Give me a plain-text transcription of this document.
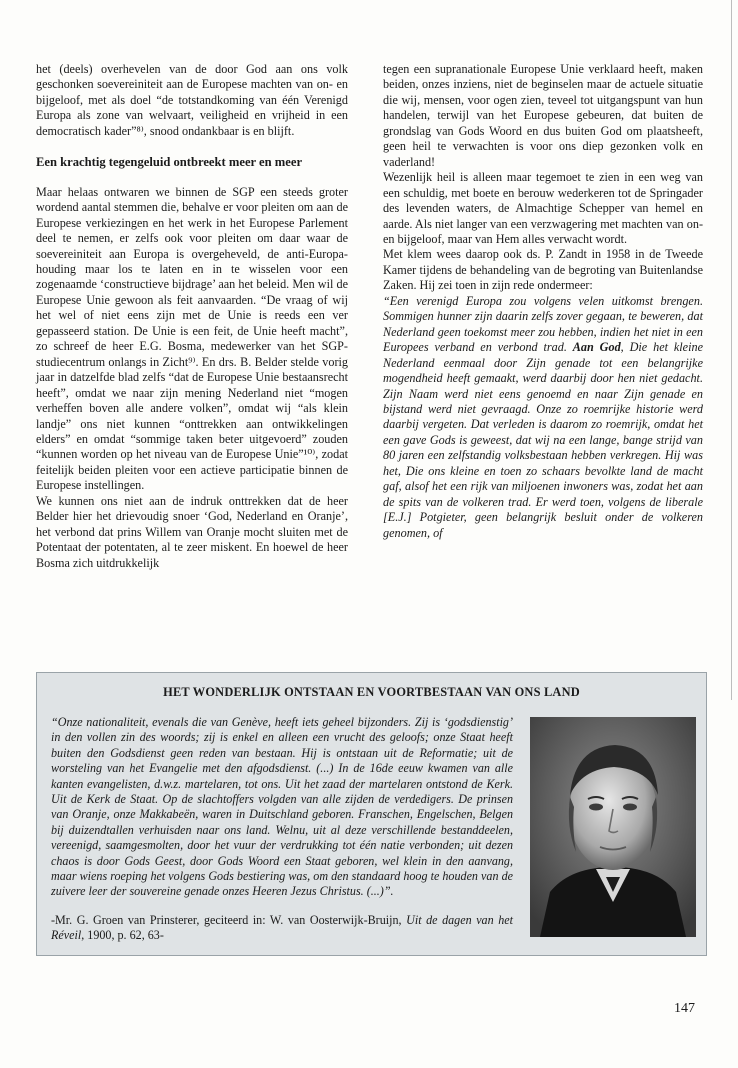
het (deels) overhevelen van de door God aan ons volk geschonken soevereiniteit aan de Europese machten van on- en bijgeloof, met als doel “de totstandkoming van één Verenigd Europa als zone van welvaart, veiligheid en vrijheid in een democratisch kader”⁸⁾, snood ondankbaar is en blijft.

Een krachtig tegengeluid ontbreekt meer en meer

Maar helaas ontwaren we binnen de SGP een steeds groter wordend aantal stemmen die, behalve er voor pleiten om aan de Europese verkiezingen en het werk in het Europese Parlement deel te nemen, er zelfs ook voor pleiten om daar waar de soevereiniteit aan Europa is overgeheveld, de anti-Europa-houding maar los te laten en in te wisselen voor een zogenaamde ‘constructieve bijdrage’ aan het beleid. Men wil de Europese Unie gewoon als feit aanvaarden. “De vraag of wij het wel of niet eens zijn met de Unie is reeds een ver gepasseerd station. De Unie is een feit, de Unie heeft macht”, zo schreef de heer E.G. Bosma, medewerker van het SGP-studiecentrum onlangs in Zicht⁹⁾. En drs. B. Belder stelde vorig jaar in datzelfde blad zelfs “dat de Europese Unie bestaansrecht heeft”, omdat we naar zijn mening Nederland niet “mogen verheffen boven alle andere volken”, omdat wij “als klein landje” ons niet kunnen “onttrekken aan ontwikkelingen elders” en omdat “sommige taken beter uitgevoerd” zouden “kunnen worden op het niveau van de Europese Unie”¹⁰⁾, zodat feitelijk beiden pleiten voor een actieve participatie binnen de Europese instellingen.

We kunnen ons niet aan de indruk onttrekken dat de heer Belder hier het drievoudig snoer ‘God, Nederland en Oranje’, het verbond dat prins Willem van Oranje mocht sluiten met de Potentaat der potentaten, al te zeer miskent. En hoewel de heer Bosma zich uitdrukkelijk

tegen een supranationale Europese Unie verklaard heeft, maken beiden, onzes inziens, niet de beginselen maar de actuele situatie die wij, mensen, voor ogen zien, teveel tot uitgangspunt van hun handelen, terwijl van het Europese gebeuren, dat buiten de grondslag van Gods Woord en dus buiten God om plaatsheeft, geen heil te verwachten is voor ons diep gezonken volk en vaderland!

Wezenlijk heil is alleen maar tegemoet te zien in een weg van een schuldig, met boete en berouw wederkeren tot de Springader des levenden waters, de Almachtige Schepper van hemel en aarde. Als niet langer van een verzwagering met machten van on- en bijgeloof, maar van Hem alles verwacht wordt.

Met klem wees daarop ook ds. P. Zandt in 1958 in de Tweede Kamer tijdens de behandeling van de begroting van Buitenlandse Zaken. Hij zei toen in zijn rede ondermeer:

“Een verenigd Europa zou volgens velen uitkomst brengen. Sommigen hunner zijn daarin zelfs zover gegaan, te beweren, dat Nederland geen toekomst meer zou hebben, indien het niet in een Europees verband en verbond trad. Aan God, Die het kleine Nederland eenmaal door Zijn genade tot een belangrijke mogendheid heeft gemaakt, werd daarbij door hen niet gedacht. Zijn Naam werd niet eens genoemd en naar Zijn genade en bijstand werd niet gevraagd. Onze zo roemrijke historie werd daarbij vergeten. Dat verleden is daarom zo roemrijk, omdat het een gave Gods is geweest, dat wij na een lange, bange strijd van 80 jaren een zelfstandig volksbestaan hebben verkregen. Hij was het, Die ons kleine en toen zo schaars bevolkte land de macht gaf, alsof het een rijk van miljoenen inwoners was, zodat het aan de spits van de volkeren trad. Er werd toen, volgens de liberale [E.J.] Potgieter, geen belangrijk besluit onder de volkeren genomen, of

HET WONDERLIJK ONTSTAAN EN VOORTBESTAAN VAN ONS LAND
“Onze nationaliteit, evenals die van Genève, heeft iets geheel bijzonders. Zij is ‘godsdienstig’ in den vollen zin des woords; zij is enkel en alleen een vrucht des geloofs; onze Staat heeft buiten den Godsdienst geen reden van bestaan. Hij is ontstaan uit de Reformatie; uit de worsteling van het Evangelie met den afgodsdienst. (...) In de 16de eeuw kwamen van alle kanten evangelisten, d.w.z. martelaren, tot ons. Uit het zaad der martelaren ontstond de Kerk. Uit de Kerk de Staat. Op de slachtoffers volgden van alle zijden de verdedigers. De prinsen van Oranje, onze Makkabeën, waren in Duitschland geboren. Franschen, Engelschen, Belgen bij duizendtallen verhuisden naar ons land. Welnu, uit al deze verschillende bestanddeelen, vereenigd, saamgesmolten, door het vuur der verdrukking tot één natie verbonden; uit dezen chaos is door Gods Geest, door Gods Woord een Staat geboren, wel klein in den aanvang, maar wiens roeping het volgens Gods bestiering was, om den standaard hoog te houden van de zuivere leer der souvereine genade onzes Heeren Jezus Christus. (...)”.
-Mr. G. Groen van Prinsterer, geciteerd in: W. van Oosterwijk-Bruijn, Uit de dagen van het Réveil, 1900, p. 62, 63-
147
